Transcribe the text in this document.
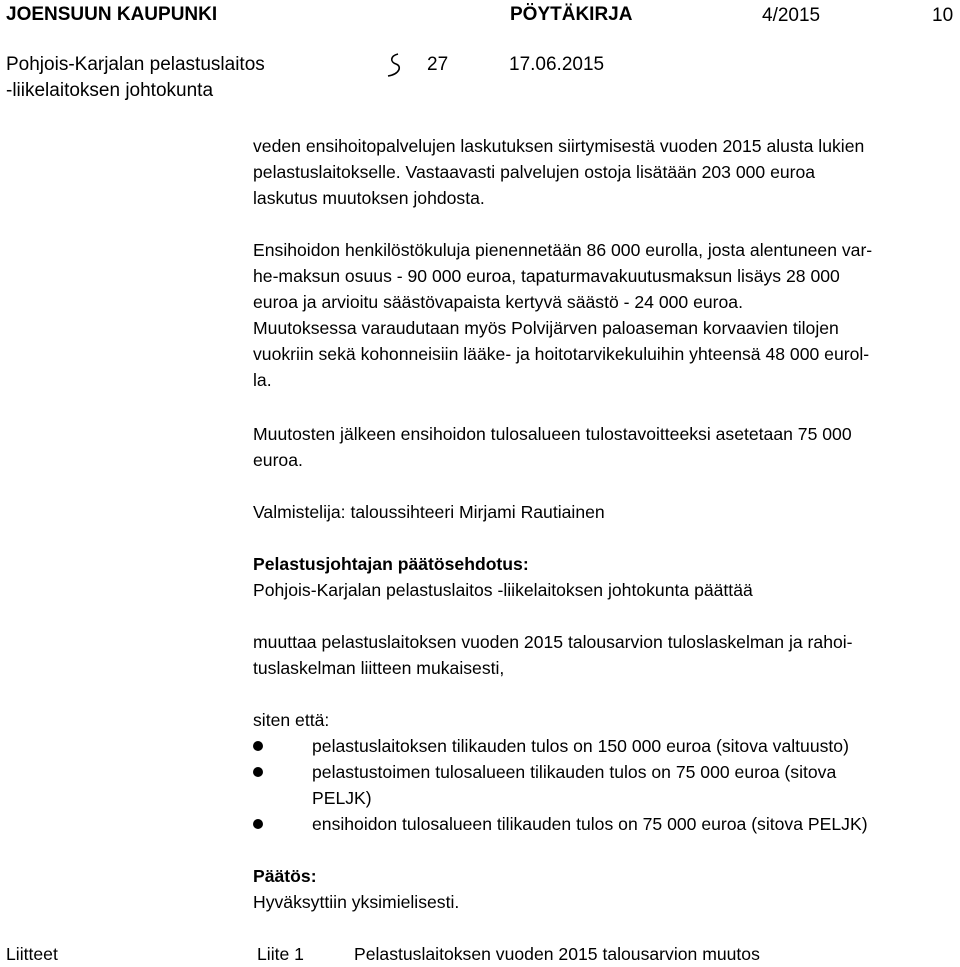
JOENSUUN KAUPUNKI	PÖYTÄKIRJA	4/2015	10
Pohjois-Karjalan pelastuslaitos
-liikelaitoksen johtokunta
27	17.06.2015
veden ensihoitopalvelujen laskutuksen siirtymisestä vuoden 2015 alusta lukien
pelastuslaitokselle. Vastaavasti palvelujen ostoja lisätään 203 000 euroa
laskutus muutoksen johdosta.
Ensihoidon henkilöstökuluja pienennetään 86 000 eurolla, josta alentuneen var-
he-maksun osuus - 90 000 euroa, tapaturmavakuutusmaksun lisäys 28 000
euroa ja arvioitu säästövapaista kertyvä säästö - 24 000 euroa.
Muutoksessa varaudutaan myös Polvijärven paloaseman korvaavien tilojen
vuokriin sekä kohonneisiin lääke- ja hoitotarvikekuluihin yhteensä 48 000 eurol-
la.
Muutosten jälkeen ensihoidon tulosalueen tulostavoitteeksi asetetaan 75 000
euroa.
Valmistelija: taloussihteeri Mirjami Rautiainen
Pelastusjohtajan päätösehdotus:
Pohjois-Karjalan pelastuslaitos -liikelaitoksen johtokunta päättää
muuttaa pelastuslaitoksen vuoden 2015 talousarvion tuloslaskelman ja rahoi-
tuslaskelman liitteen mukaisesti,
siten että:
pelastuslaitoksen tilikauden tulos on 150 000 euroa (sitova valtuusto)
pelastustoimen tulosalueen tilikauden tulos on 75 000 euroa (sitova
PELJK)
ensihoidon tulosalueen tilikauden tulos on 75 000 euroa (sitova PELJK)
Päätös:
Hyväksyttiin yksimielisesti.
Liitteet	Liite 1	Pelastuslaitoksen vuoden 2015 talousarvion muutos
